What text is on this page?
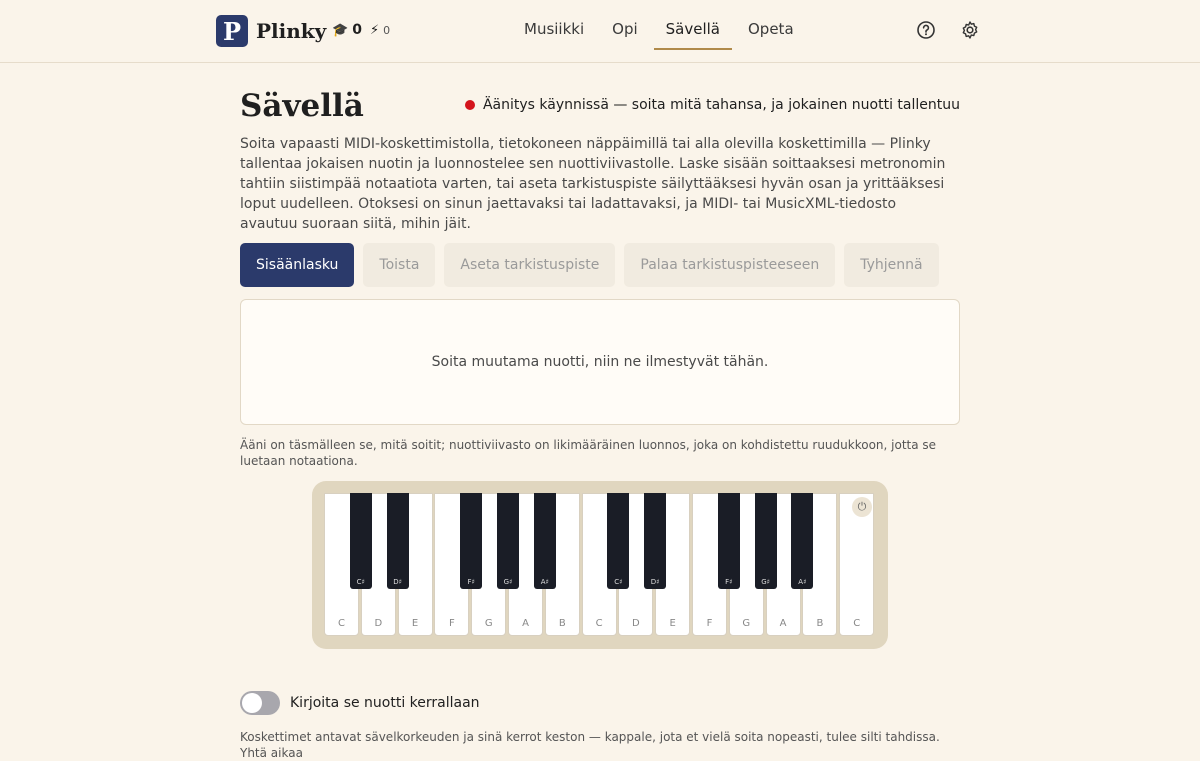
P Plinky 🎓 0 ⚡ 0	Musiikki	Opi	Sävellä	Opeta
Sävellä	Äänitys käynnissä — soita mitä tahansa, ja jokainen nuotti tallentuu

Soita vapaasti MIDI-koskettimistolla, tietokoneen näppäimillä tai alla olevilla koskettimilla — Plinky tallentaa jokaisen nuotin ja luonnostelee sen nuottiviivastolle. Laske sisään soittaaksesi metronomin tahtiin siistimpää notaatiota varten, tai aseta tarkistuspiste säilyttääksesi hyvän osan ja yrittääksesi loput uudelleen. Otoksesi on sinun jaettavaksi tai ladattavaksi, ja MIDI- tai MusicXML-tiedosto avautuu suoraan siitä, mihin jäit.

Sisäänlasku	Toista	Aseta tarkistuspiste	Palaa tarkistuspisteeseen	Tyhjennä
Soita muutama nuotti, niin ne ilmestyvät tähän.

Ääni on täsmälleen se, mitä soitit; nuottiviivasto on likimääräinen luonnos, joka on kohdistettu ruudukkoon, jotta se luetaan notaationa.

C	D	E	F	G	A	B	C	D	E	F	G	A	B	C
C♯	D♯	F♯	G♯	A♯	C♯	D♯	F♯	G♯	A♯
⏻
Kirjoita se nuotti kerrallaan

Koskettimet antavat sävelkorkeuden ja sinä kerrot keston — kappale, jota et vielä soita nopeasti, tulee silti tahdissa. Yhtä aikaa
